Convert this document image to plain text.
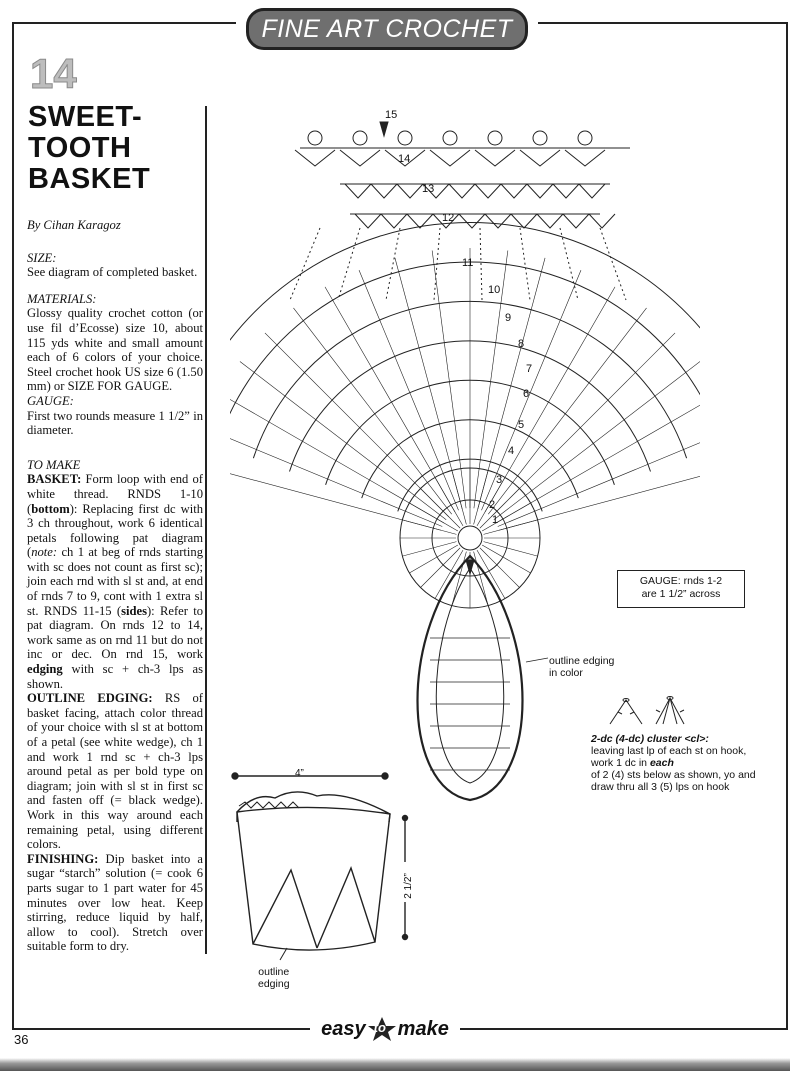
FINE ART CROCHET
14
SWEET-
TOOTH
BASKET

By Cihan Karagoz

SIZE:

See diagram of completed basket.

MATERIALS:

Glossy quality crochet cotton (or use fil d’Ecosse) size 10, about 115 yds white and small amount each of 6 colors of your choice. Steel crochet hook US size 6 (1.50 mm) or SIZE FOR GAUGE.

GAUGE:

First two rounds measure 1 1/2” in diameter.

TO MAKE

BASKET: Form loop with end of white thread. RNDS 1-10 (bottom): Replacing first dc with 3 ch throughout, work 6 identical petals following pat diagram (note: ch 1 at beg of rnds starting with sc does not count as first sc); join each rnd with sl st and, at end of rnds 7 to 9, cont with 1 extra sl st. RNDS 11-15 (sides): Refer to pat diagram. On rnds 12 to 14, work same as on rnd 11 but do not inc or dec. On rnd 15, work edging with sc + ch-3 lps as shown.

OUTLINE EDGING: RS of basket facing, attach color thread of your choice with sl st at bottom of a petal (see white wedge), ch 1 and work 1 rnd sc + ch-3 lps around petal as per bold type on diagram; join with sl st in first sc and fasten off (= black wedge). Work in this way around each remaining petal, using different colors.

FINISHING: Dip basket into a sugar “starch” solution (= cook 6 parts sugar to 1 part water for 45 minutes over low heat. Keep stirring, reduce liquid by half, allow to cool). Stretch over suitable form to dry.

1
2
3
4
5
6
7
8
9
10
11
12
13
14
15
GAUGE: rnds 1-2
are 1 1/2” across
outline edging
in color
2-dc (4-dc) cluster <cl>:
leaving last lp of each st on hook, work 1 dc in each
of 2 (4) sts below as shown, yo and draw thru all 3 (5) lps on hook
4”
2 1/2”
outline
edging
easy to make
36
